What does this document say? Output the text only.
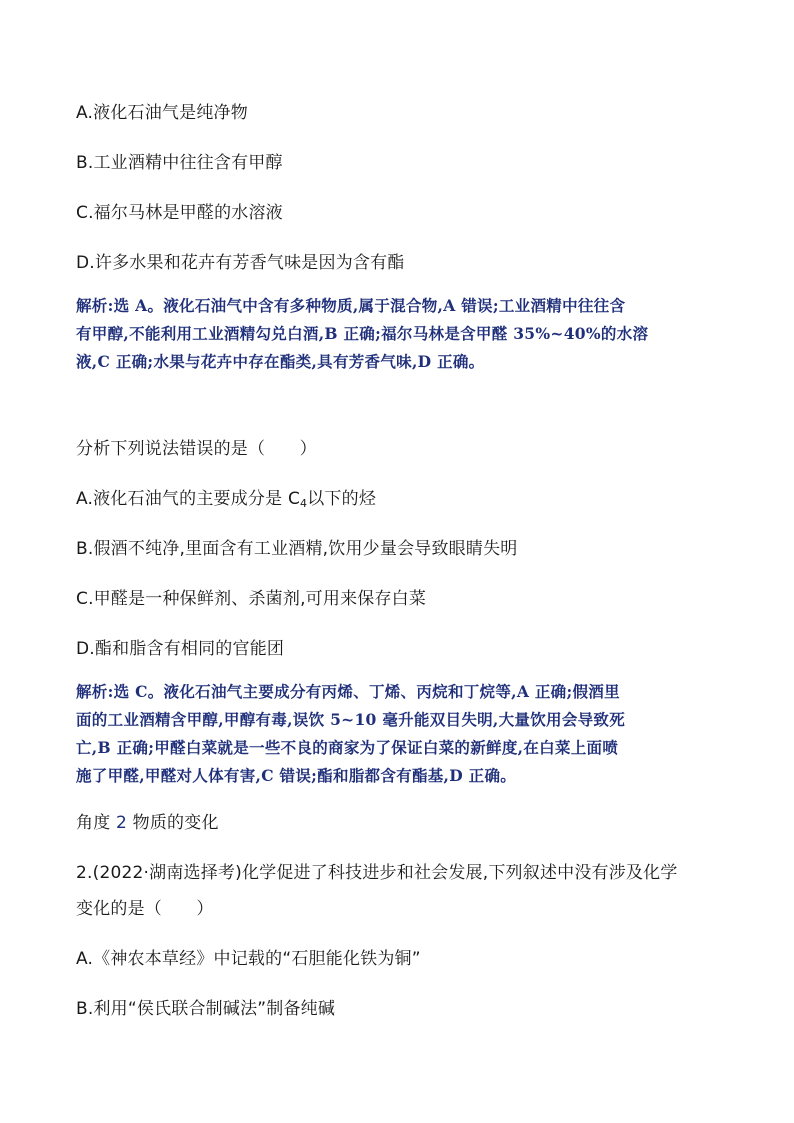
A.液化石油气是纯净物
B.工业酒精中往往含有甲醇
C.福尔马林是甲醛的水溶液
D.许多水果和花卉有芳香气味是因为含有酯
解析:选 A。液化石油气中含有多种物质,属于混合物,A 错误;工业酒精中往往含
有甲醇,不能利用工业酒精勾兑白酒,B 正确;福尔马林是含甲醛 35%~40%的水溶
液,C 正确;水果与花卉中存在酯类,具有芳香气味,D 正确。
分析下列说法错误的是（　　）
A.液化石油气的主要成分是 $C_4$以下的烃
B.假酒不纯净,里面含有工业酒精,饮用少量会导致眼睛失明
C.甲醛是一种保鲜剂、杀菌剂,可用来保存白菜
D.酯和脂含有相同的官能团
解析:选 C。液化石油气主要成分有丙烯、丁烯、丙烷和丁烷等,A 正确;假酒里
面的工业酒精含甲醇,甲醇有毒,误饮 5~10 毫升能双目失明,大量饮用会导致死
亡,B 正确;甲醛白菜就是一些不良的商家为了保证白菜的新鲜度,在白菜上面喷
施了甲醛,甲醛对人体有害,C 错误;酯和脂都含有酯基,D 正确。
角度 2 物质的变化
2.(2022·湖南选择考)化学促进了科技进步和社会发展,下列叙述中没有涉及化学
变化的是（　　）
A.《神农本草经》中记载的“石胆能化铁为铜”
B.利用“侯氏联合制碱法”制备纯碱
